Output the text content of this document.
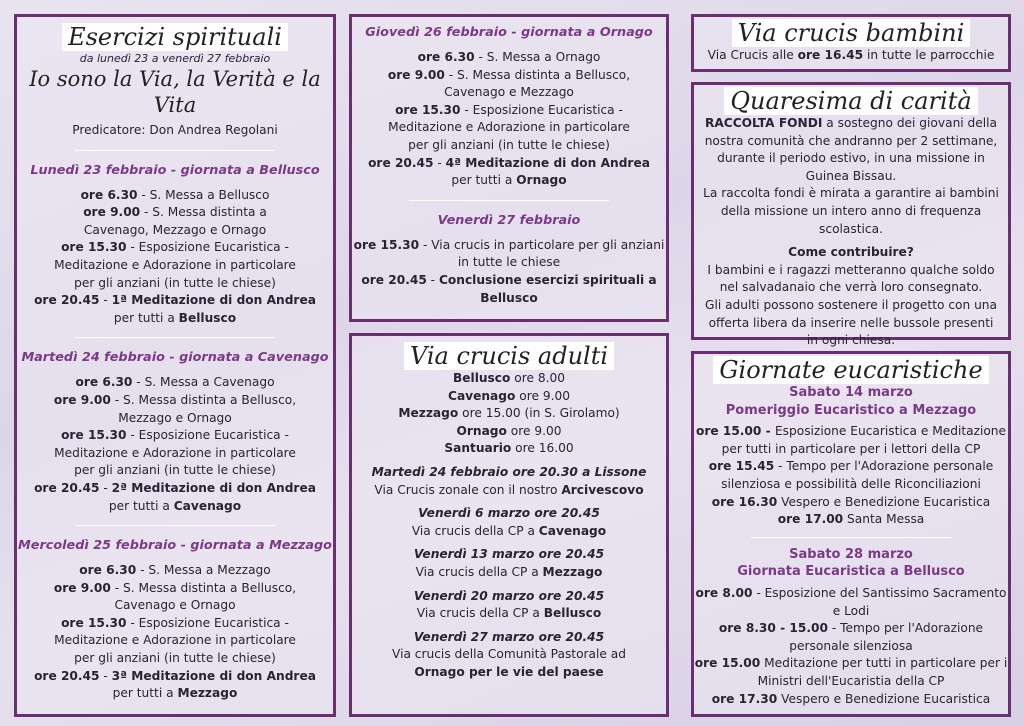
Esercizi spirituali
da lunedì 23 a venerdì 27 febbraio
Io sono la Via, la Verità e la Vita
Predicatore: Don Andrea Regolani
Lunedì 23 febbraio - giornata a Bellusco
ore 6.30 - S. Messa a Bellusco
ore 9.00 - S. Messa distinta a
Cavenago, Mezzago e Ornago
ore 15.30 - Esposizione Eucaristica -
Meditazione e Adorazione in particolare
per gli anziani (in tutte le chiese)
ore 20.45 - 1ª Meditazione di don Andrea
per tutti a Bellusco
Martedì 24 febbraio - giornata a Cavenago
ore 6.30 - S. Messa a Cavenago
ore 9.00 - S. Messa distinta a Bellusco,
Mezzago e Ornago
ore 15.30 - Esposizione Eucaristica -
Meditazione e Adorazione in particolare
per gli anziani (in tutte le chiese)
ore 20.45 - 2ª Meditazione di don Andrea
per tutti a Cavenago
Mercoledì 25 febbraio - giornata a Mezzago
ore 6.30 - S. Messa a Mezzago
ore 9.00 - S. Messa distinta a Bellusco,
Cavenago e Ornago
ore 15.30 - Esposizione Eucaristica -
Meditazione e Adorazione in particolare
per gli anziani (in tutte le chiese)
ore 20.45 - 3ª Meditazione di don Andrea
per tutti a Mezzago
Giovedì 26 febbraio - giornata a Ornago
ore 6.30 - S. Messa a Ornago
ore 9.00 - S. Messa distinta a Bellusco,
Cavenago e Mezzago
ore 15.30 - Esposizione Eucaristica -
Meditazione e Adorazione in particolare
per gli anziani (in tutte le chiese)
ore 20.45 - 4ª Meditazione di don Andrea
per tutti a Ornago
Venerdì 27 febbraio
ore 15.30 - Via crucis in particolare per gli anziani
in tutte le chiese
ore 20.45 - Conclusione esercizi spirituali a
Bellusco
Via crucis adulti
Bellusco ore 8.00
Cavenago ore 9.00
Mezzago ore 15.00 (in S. Girolamo)
Ornago ore 9.00
Santuario ore 16.00
Martedì 24 febbraio ore 20.30 a Lissone
Via Crucis zonale con il nostro Arcivescovo
Venerdì 6 marzo ore 20.45
Via crucis della CP a Cavenago
Venerdì 13 marzo ore 20.45
Via crucis della CP a Mezzago
Venerdì 20 marzo ore 20.45
Via crucis della CP a Bellusco
Venerdì 27 marzo ore 20.45
Via crucis della Comunità Pastorale ad
Ornago per le vie del paese
Via crucis bambini
Via Crucis alle ore 16.45 in tutte le parrocchie
Quaresima di carità
RACCOLTA FONDI a sostegno dei giovani della nostra comunità che andranno per 2 settimane, durante il periodo estivo, in una missione in Guinea Bissau.
La raccolta fondi è mirata a garantire ai bambini della missione un intero anno di frequenza scolastica.
Come contribuire?
I bambini e i ragazzi metteranno qualche soldo nel salvadanaio che verrà loro consegnato.
Gli adulti possono sostenere il progetto con una offerta libera da inserire nelle bussole presenti in ogni chiesa.
Giornate eucaristiche
Sabato 14 marzo
Pomeriggio Eucaristico a Mezzago
ore 15.00 - Esposizione Eucaristica e Meditazione
per tutti in particolare per i lettori della CP
ore 15.45 - Tempo per l'Adorazione personale
silenziosa e possibilità delle Riconciliazioni
ore 16.30 Vespero e Benedizione Eucaristica
ore 17.00 Santa Messa
Sabato 28 marzo
Giornata Eucaristica a Bellusco
ore 8.00 - Esposizione del Santissimo Sacramento
e Lodi
ore 8.30 - 15.00 - Tempo per l'Adorazione
personale silenziosa
ore 15.00 Meditazione per tutti in particolare per i
Ministri dell'Eucaristia della CP
ore 17.30 Vespero e Benedizione Eucaristica
